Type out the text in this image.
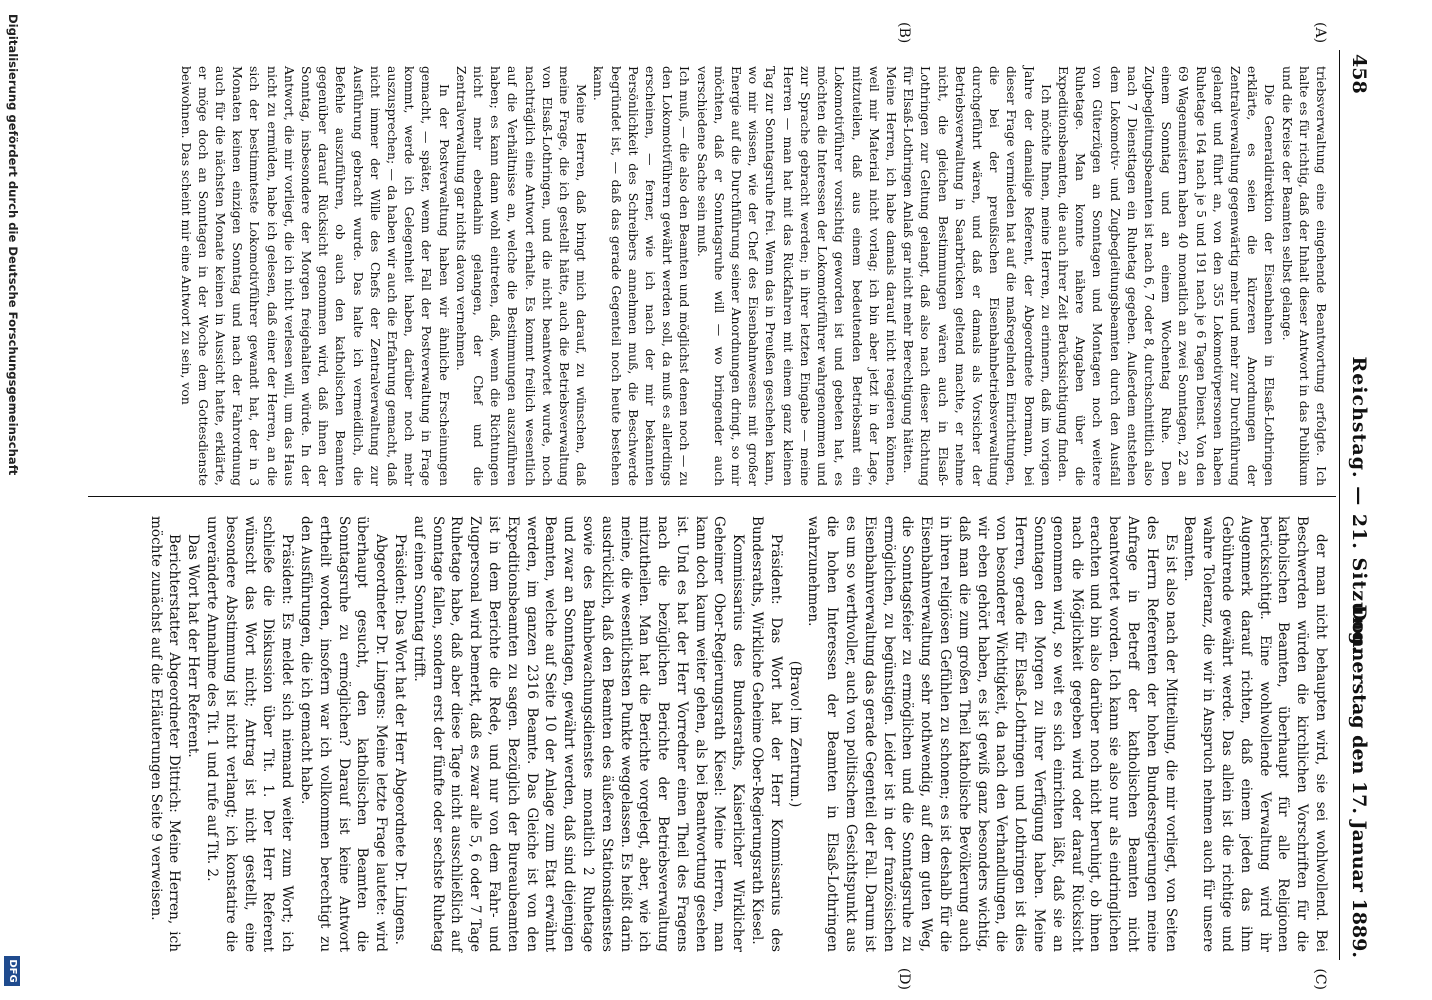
458
Reichstag. — 21. Sitzung.
Donnerstag den 17. Januar 1889.
(A)
(B)
(C)
(D)

triebsverwaltung eine eingehende Beantwortung erfolgte. Ich halte es für richtig, daß der Inhalt dieser Antwort in das Publikum und die Kreise der Beamten selbst gelange.

Die Generaldirektion der Eisenbahnen in Elsaß-Lothringen erklärte, es seien die kürzeren Anordnungen der Zentralverwaltung gegenwärtig mehr und mehr zur Durchführung gelangt und führt an, von den 355 Lokomotivpersonen haben Ruhetage 164 nach je 5 und 191 nach je 6 Tagen Dienst. Von den 69 Wagenmeistern haben 40 monatlich an zwei Sonntagen, 22 an einem Sonntag und an einem Wochentag Ruhe. Den Zugbegleitungsbeamten ist nach 6, 7 oder 8, durchschnittlich also nach 7 Diensttagen ein Ruhetag gegeben. Außerdem entstehen dem Lokomotiv- und Zugbegleitungsbeamten durch den Ausfall von Güterzügen an Sonntagen und Montagen noch weitere Ruhetage. Man konnte nähere Angaben über die Expeditionsbeamten, die auch ihrer Zeit Berücksichtigung finden.

Ich möchte Ihnen, meine Herren, zu erinnern, daß im vorigen Jahre der damalige Referent, der Abgeordnete Bormann, bei dieser Frage vermieden hat auf die maßregelnden Einrichtungen, die bei der preußischen Eisenbahnbetriebsverwaltung durchgeführt wären, und daß er damals als Vorsicher der Betriebsverwaltung in Saarbrücken geltend machte, er nehme nicht, die gleichen Bestimmungen wären auch in Elsaß-Lothringen zur Geltung gelangt, daß also nach dieser Richtung für Elsaß-Lothringen Anlaß gar nicht mehr Berechtigung hätten.

Meine Herren, ich habe damals darauf nicht reagieren können, weil mir Material nicht vorlag; ich bin aber jetzt in der Lage, mitzuteilen, daß aus einem bedeutenden Betriebsamt ein Lokomotivführer vorsichtig geworden ist und gebeten hat, es möchten die Interessen der Lokomotivführer wahrgenommen und zur Sprache gebracht werden; in ihrer letzten Eingabe — meine Herren — man hat mit das Rückfahren mit einem ganz kleinen Tag zur Sonntagsruhe frei. Wenn das in Preußen geschehen kann, wo mir wissen, wie der Chef des Eisenbahnwesens mit großer Energie auf die Durchführung seiner Anordnungen dringt, so mir möchten, daß er Sonntagsruhe will — wo bringender auch verschiedene Sache sein muß.

Ich muß, — die also den Beamten und möglichst denen noch — zu den Lokomotivführern gewährt werden soll, da muß es allerdings erscheinen, — ferner, wie ich nach der mir bekannten Persönlichkeit des Schreibers annehmen muß, die Beschwerde begründet ist, — daß das gerade Gegenteil noch heute bestehen kann.

Meine Herren, daß bringt mich darauf, zu wünschen, daß meine Frage, die ich gestellt hätte, auch die Betriebsverwaltung von Elsaß-Lothringen, und die nicht beantwortet wurde, noch nachträglich eine Antwort erhalte. Es kommt freilich wesentlich auf die Verhältnisse an, welche die Bestimmungen auszuführen haben; es kann dann wohl eintreten, daß, wenn die Richtungen nicht mehr ebendahin gelangen, der Chef und die Zentralverwaltung gar nichts davon vernehmen.

In der Postverwaltung haben wir ähnliche Erscheinungen gemacht, — später, wenn der Fall der Postverwaltung in Frage kommt, werde ich Gelegenheit haben, darüber noch mehr auszusprechen; — da haben wir auch die Erfahrung gemacht, daß nicht immer der Wille des Chefs der Zentralverwaltung zur Ausführung gebracht wurde. Das halte ich vermeidlich, die Befehle auszuführen, ob auch den katholischen Beamten gegenüber darauf Rücksicht genommen wird, daß ihnen der Sonntag, insbesondere der Morgen freigehalten würde. In der Antwort, die mir vorliegt, die ich nicht verlesen will, um das Haus nicht zu ermüden, habe ich gelesen, daß einer der Herren, an die sich der bestimmteste Lokomotivführer gewandt hat, der in 3 Monaten keinen einzigen Sonntag und nach der Fahrordnung auch für die nächsten Monate keinen in Aussicht hatte, erklärte, er möge doch an Sonntagen in der Woche dem Gottesdienste beiwohnen. Das scheint mir eine Antwort zu sein, von

der man nicht behaupten wird, sie sei wohlwollend. Bei Beschwerden würden die kirchlichen Vorschriften für die katholischen Beamten, überhaupt für alle Religionen berücksichtigt. Eine wohlwollende Verwaltung wird ihr Augenmerk darauf richten, daß einem jeden das ihm Gebührende gewährt werde. Das allein ist die richtige und wahre Toleranz, die wir in Anspruch nehmen auch für unsere Beamten.

Es ist also nach der Mitteilung, die mir vorliegt, von Seiten des Herrn Referenten der hohen Bundesregierungen meine Anfrage in Betreff der katholischen Beamten nicht beantwortet worden. Ich kann sie also nur als eindringlichen erachten und bin also darüber noch nicht beruhigt, ob ihnen nach die Möglichkeit gegeben wird oder darauf Rücksicht genommen wird, so weit es sich einrichten läßt, daß sie an Sonntagen den Morgen zu ihrer Verfügung haben. Meine Herren, gerade für Elsaß-Lothringen und Lothringen ist dies von besonderer Wichtigkeit, da nach den Verhandlungen, die wir eben gehört haben, es ist gewiß ganz besonders wichtig, daß man die zum großen Theil katholische Bevölkerung auch in ihren religiösen Gefühlen zu schonen; es ist deshalb für die Eisenbahnverwaltung sehr nothwendig, auf dem guten Weg, die Sonntagsfeier zu ermöglichen und die Sonntagsruhe zu ermöglichen, zu begünstigen. Leider ist in der französischen Eisenbahnverwaltung das gerade Gegenteil der Fall. Darum ist es um so werthvoller, auch von politischem Gesichtspunkt aus die hohen Interessen der Beamten in Elsaß-Lothringen wahrzunehmen.

(Bravo! im Zentrum.)

Präsident: Das Wort hat der Herr Kommissarius des Bundesraths, Wirkliche Geheime Ober-Regierungsrath Kiesel.

Kommissarius des Bundesraths, Kaiserlicher Wirklicher Geheimer Ober-Regierungsrath Kiesel: Meine Herren, man kann doch kaum weiter gehen, als bei Beantwortung gesehen ist. Und es hat der Herr Vorredner einen Theil des Fragens nach die bezüglichen Berichte der Betriebsverwaltung mitzutheilen. Man hat die Berichte vorgelegt, aber, wie ich meine, die wesentlichsten Punkte weggelassen. Es heißt darin ausdrücklich, daß den Beamten des äußeren Stationsdienstes sowie des Bahnbewachungsdienstes monatlich 2 Ruhetage und zwar an Sonntagen, gewährt werden, daß sind diejenigen Beamten, welche auf Seite 10 der Anlage zum Etat erwähnt werden, im ganzen 2316 Beamte. Das Gleiche ist von den Expeditionsbeamten zu sagen. Bezüglich der Bureaubeamten ist in dem Berichte die Rede, und nur von dem Fahr- und Zugpersonal wird bemerkt, daß es zwar alle 5, 6 oder 7 Tage Ruhetage habe, daß aber diese Tage nicht ausschließlich auf Sonntage fallen, sondern erst der fünfte oder sechste Ruhetag auf einen Sonntag trifft.

Präsident: Das Wort hat der Herr Abgeordnete Dr. Lingens.

Abgeordneter Dr. Lingens: Meine letzte Frage lautete: wird überhaupt gesucht, den katholischen Beamten die Sonntagsruhe zu ermöglichen? Darauf ist keine Antwort ertheilt worden, insofern war ich vollkommen berechtigt zu den Ausführungen, die ich gemacht habe.

Präsident: Es meldet sich niemand weiter zum Wort; ich schließe die Diskussion über Tit. 1. Der Herr Referent wünscht das Wort nicht; Antrag ist nicht gestellt, eine besondere Abstimmung ist nicht verlangt; ich konstatire die unveränderte Annahme des Tit. 1 und rufe auf Tit. 2.

Das Wort hat der Herr Referent.

Berichterstatter Abgeordneter Dittrich: Meine Herren, ich möchte zunächst auf die Erläuterungen Seite 9 verweisen.

Digitalisierung gefördert durch die Deutsche Forschungsgemeinschaft
DFG
